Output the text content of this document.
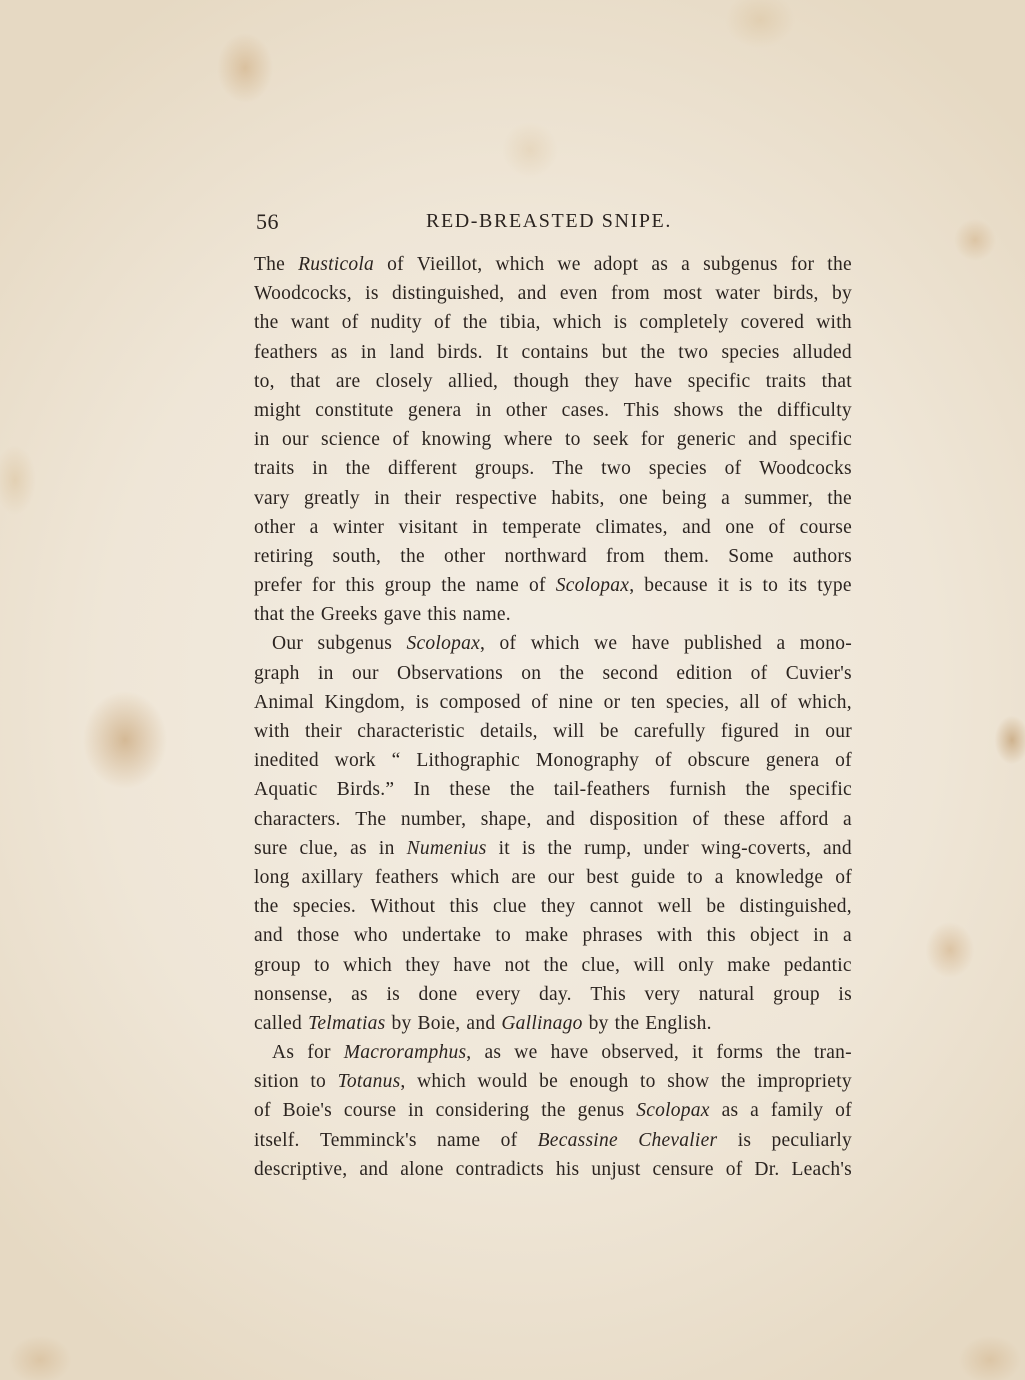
56	RED-BREASTED SNIPE.
The Rusticola of Vieillot, which we adopt as a subgenus for the
Woodcocks, is distinguished, and even from most water birds, by
the want of nudity of the tibia, which is completely covered with
feathers as in land birds. It contains but the two species alluded
to, that are closely allied, though they have specific traits that
might constitute genera in other cases. This shows the difficulty
in our science of knowing where to seek for generic and specific
traits in the different groups. The two species of Woodcocks
vary greatly in their respective habits, one being a summer, the
other a winter visitant in temperate climates, and one of course
retiring south, the other northward from them. Some authors
prefer for this group the name of Scolopax, because it is to its type
that the Greeks gave this name.
Our subgenus Scolopax, of which we have published a mono-
graph in our Observations on the second edition of Cuvier's
Animal Kingdom, is composed of nine or ten species, all of which,
with their characteristic details, will be carefully figured in our
inedited work “ Lithographic Monography of obscure genera of
Aquatic Birds.” In these the tail-feathers furnish the specific
characters. The number, shape, and disposition of these afford a
sure clue, as in Numenius it is the rump, under wing-coverts, and
long axillary feathers which are our best guide to a knowledge of
the species. Without this clue they cannot well be distinguished,
and those who undertake to make phrases with this object in a
group to which they have not the clue, will only make pedantic
nonsense, as is done every day. This very natural group is
called Telmatias by Boie, and Gallinago by the English.
As for Macroramphus, as we have observed, it forms the tran-
sition to Totanus, which would be enough to show the impropriety
of Boie's course in considering the genus Scolopax as a family of
itself. Temminck's name of Becassine Chevalier is peculiarly
descriptive, and alone contradicts his unjust censure of Dr. Leach's
